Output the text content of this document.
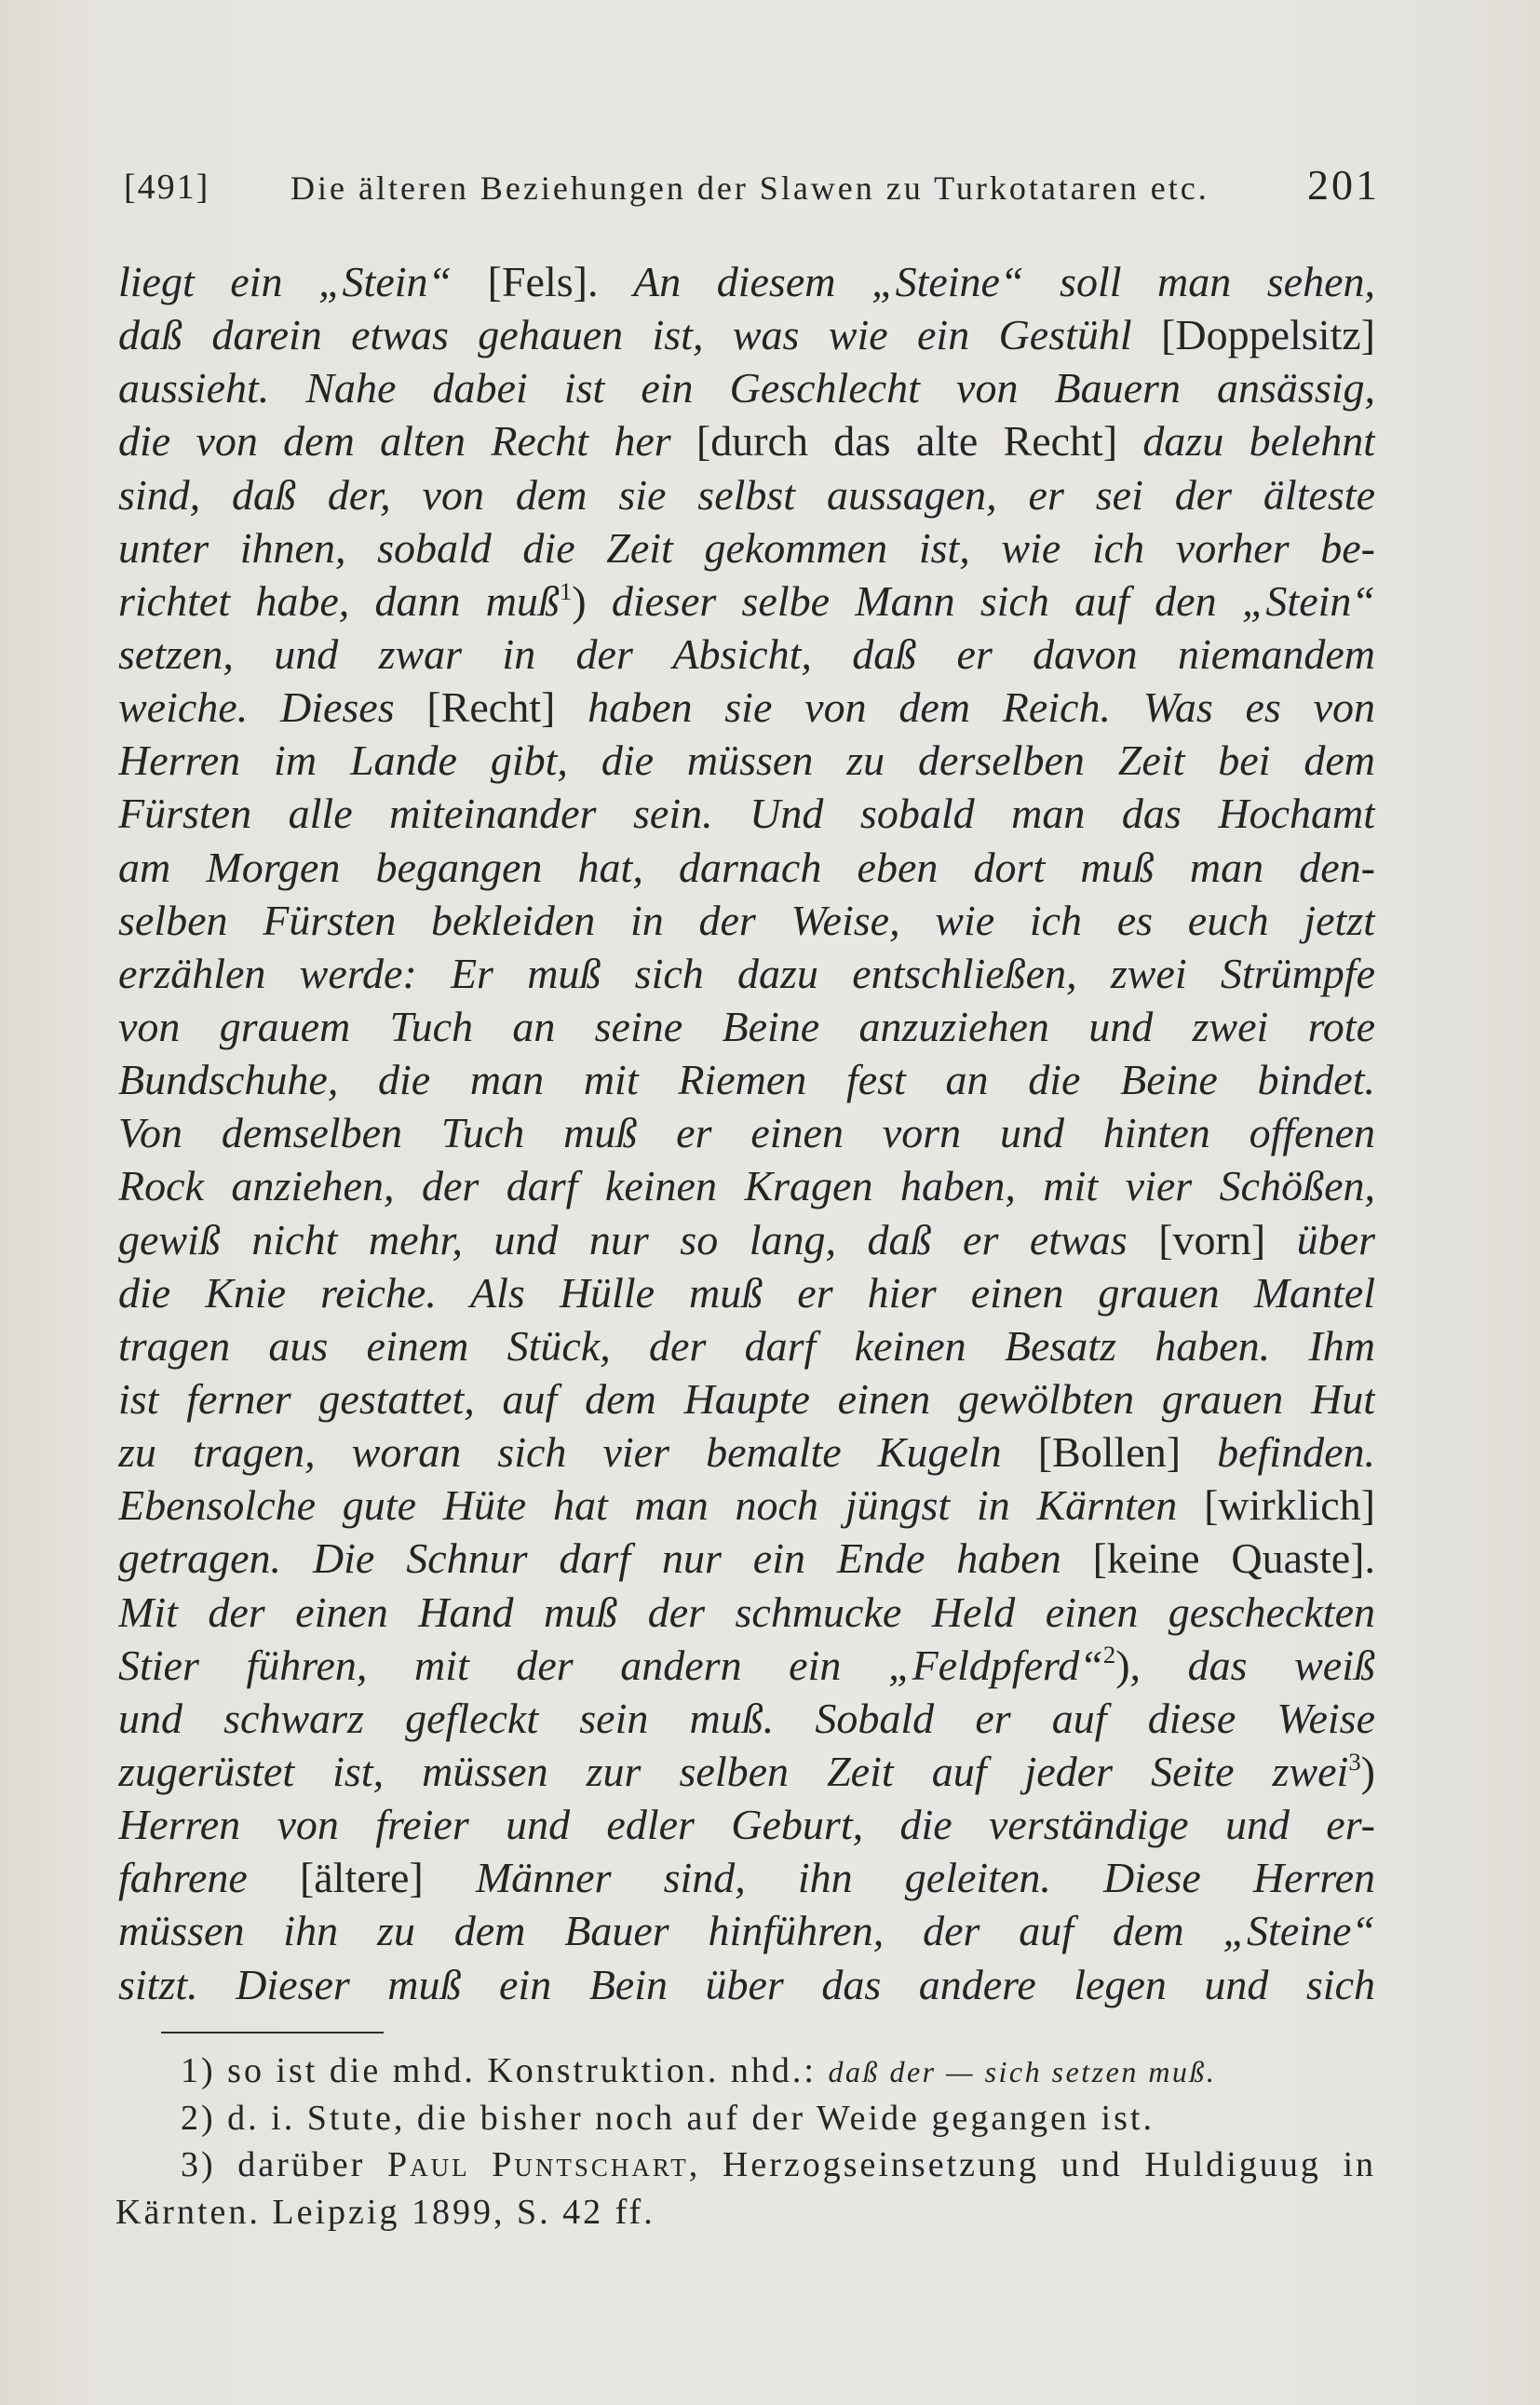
[491] Die älteren Beziehungen der Slawen zu Turkotataren etc. 201
liegt ein „Stein“ [Fels]. An diesem „Steine“ soll man sehen,
daß darein etwas gehauen ist, was wie ein Gestühl [Doppelsitz]
aussieht. Nahe dabei ist ein Geschlecht von Bauern ansässig,
die von dem alten Recht her [durch das alte Recht] dazu belehnt
sind, daß der, von dem sie selbst aussagen, er sei der älteste
unter ihnen, sobald die Zeit gekommen ist, wie ich vorher be-
richtet habe, dann muß$^1$) dieser selbe Mann sich auf den „Stein“
setzen, und zwar in der Absicht, daß er davon niemandem
weiche. Dieses [Recht] haben sie von dem Reich. Was es von
Herren im Lande gibt, die müssen zu derselben Zeit bei dem
Fürsten alle miteinander sein. Und sobald man das Hochamt
am Morgen begangen hat, darnach eben dort muß man den-
selben Fürsten bekleiden in der Weise, wie ich es euch jetzt
erzählen werde: Er muß sich dazu entschließen, zwei Strümpfe
von grauem Tuch an seine Beine anzuziehen und zwei rote
Bundschuhe, die man mit Riemen fest an die Beine bindet.
Von demselben Tuch muß er einen vorn und hinten offenen
Rock anziehen, der darf keinen Kragen haben, mit vier Schößen,
gewiß nicht mehr, und nur so lang, daß er etwas [vorn] über
die Knie reiche. Als Hülle muß er hier einen grauen Mantel
tragen aus einem Stück, der darf keinen Besatz haben. Ihm
ist ferner gestattet, auf dem Haupte einen gewölbten grauen Hut
zu tragen, woran sich vier bemalte Kugeln [Bollen] befinden.
Ebensolche gute Hüte hat man noch jüngst in Kärnten [wirklich]
getragen. Die Schnur darf nur ein Ende haben [keine Quaste].
Mit der einen Hand muß der schmucke Held einen gescheckten
Stier führen, mit der andern ein „Feldpferd“$^2$), das weiß
und schwarz gefleckt sein muß. Sobald er auf diese Weise
zugerüstet ist, müssen zur selben Zeit auf jeder Seite zwei$^3$)
Herren von freier und edler Geburt, die verständige und er-
fahrene [ältere] Männer sind, ihn geleiten. Diese Herren
müssen ihn zu dem Bauer hinführen, der auf dem „Steine“
sitzt. Dieser muß ein Bein über das andere legen und sich
1) so ist die mhd. Konstruktion. nhd.: daß der — sich setzen muß.
2) d. i. Stute, die bisher noch auf der Weide gegangen ist.
3) darüber Paul Puntschart, Herzogseinsetzung und Huldiguug in
Kärnten. Leipzig 1899, S. 42 ff.
